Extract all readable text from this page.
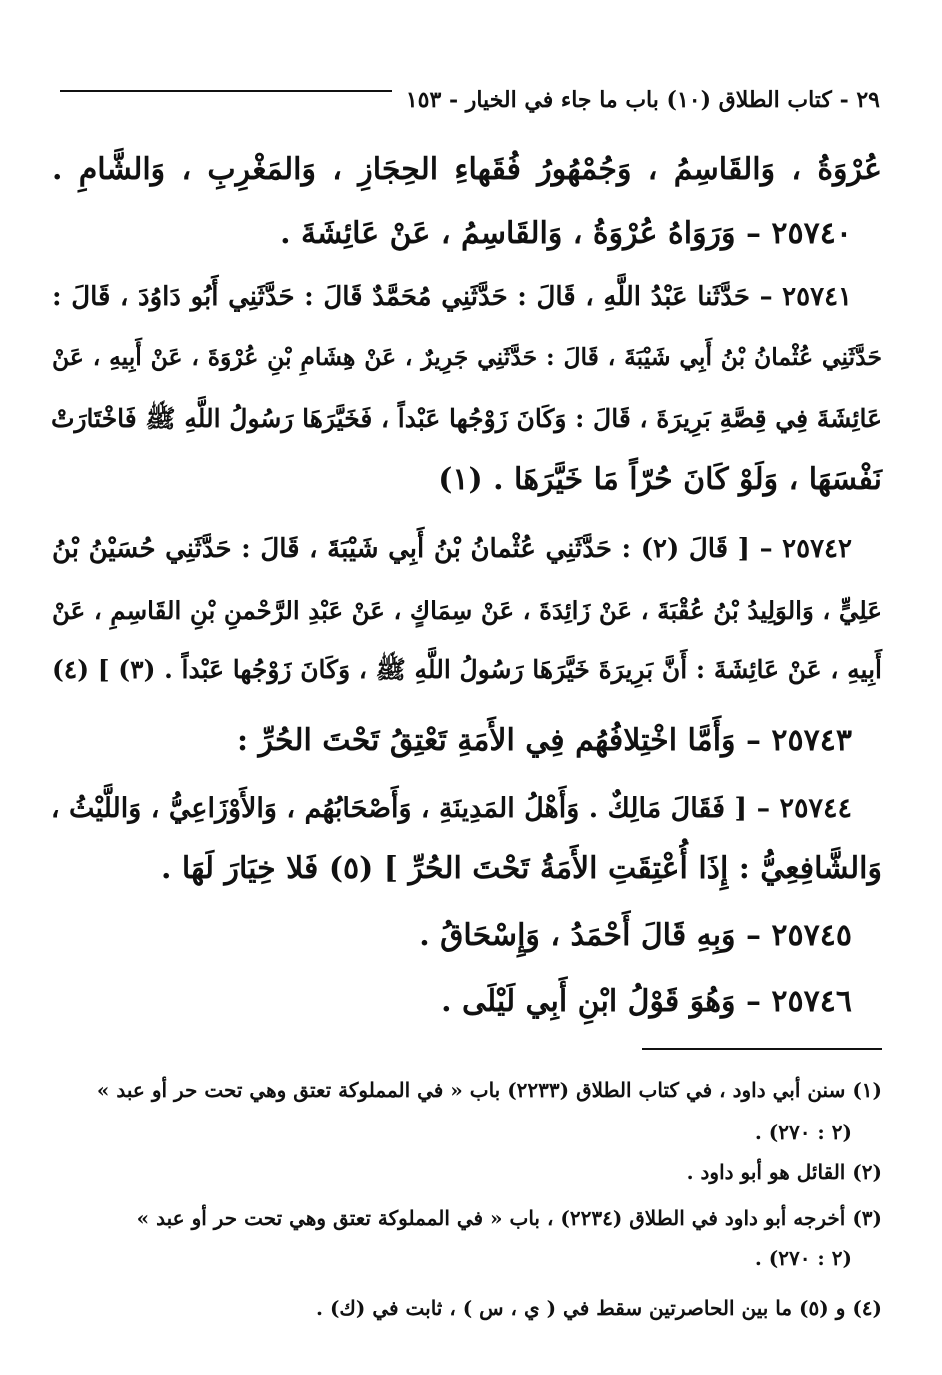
٢٩ - كتاب الطلاق (١٠) باب ما جاء في الخيار - ١٥٣
عُرْوَةُ ، وَالقَاسِمُ ، وَجُمْهُورُ فُقَهاءِ الحِجَازِ ، وَالمَغْرِبِ ، وَالشَّامِ .
٢٥٧٤٠ – وَرَوَاهُ عُرْوَةُ ، وَالقَاسِمُ ، عَنْ عَائِشَةَ .
٢٥٧٤١ – حَدَّثَنا عَبْدُ اللَّهِ ، قَالَ : حَدَّثَنِي مُحَمَّدٌ قَالَ : حَدَّثَنِي أَبُو دَاوُدَ ، قَالَ :
حَدَّثَنِي عُثْمانُ بْنُ أَبِي شَيْبَةَ ، قَالَ : حَدَّثَنِي جَرِيرٌ ، عَنْ هِشَامِ بْنِ عُرْوَةَ ، عَنْ أَبِيهِ ، عَنْ
عَائِشَةَ فِي قِصَّةِ بَرِيرَةَ ، قَالَ : وَكَانَ زَوْجُها عَبْداً ، فَخَيَّرَهَا رَسُولُ اللَّهِ ﷺ فَاخْتَارَتْ
نَفْسَهَا ، وَلَوْ كَانَ حُرّاً مَا خَيَّرَهَا . (١)
٢٥٧٤٢ – [ قَالَ (٢) : حَدَّثَنِي عُثْمانُ بْنُ أَبِي شَيْبَةَ ، قَالَ : حَدَّثَنِي حُسَيْنُ بْنُ
عَلِيٍّ ، وَالوَلِيدُ بْنُ عُقْبَةَ ، عَنْ زَائِدَةَ ، عَنْ سِمَاكٍ ، عَنْ عَبْدِ الرَّحْمنِ بْنِ القَاسِمِ ، عَنْ
أَبِيهِ ، عَنْ عَائِشَةَ : أَنَّ بَرِيرَةَ خَيَّرَهَا رَسُولُ اللَّهِ ﷺ ، وَكَانَ زَوْجُها عَبْداً . (٣) ] (٤)
٢٥٧٤٣ – وَأَمَّا اخْتِلافُهُم فِي الأَمَةِ تَعْتِقُ تَحْتَ الحُرِّ :
٢٥٧٤٤ – [ فَقَالَ مَالِكٌ . وَأَهْلُ المَدِينَةِ ، وَأَصْحَابُهُم ، وَالأَوْزَاعِيُّ ، وَاللَّيْثُ ،
وَالشَّافِعِيُّ : إِذَا أُعْتِقَتِ الأَمَةُ تَحْتَ الحُرِّ ] (٥) فَلا خِيَارَ لَهَا .
٢٥٧٤٥ – وَبِهِ قَالَ أَحْمَدُ ، وَإِسْحَاقُ .
٢٥٧٤٦ – وَهُوَ قَوْلُ ابْنِ أَبِي لَيْلَى .
(١) سنن أبي داود ، في كتاب الطلاق (٢٢٣٣) باب « في المملوكة تعتق وهي تحت حر أو عبد »
(٢ : ٢٧٠) .
(٢) القائل هو أبو داود .
(٣) أخرجه أبو داود في الطلاق (٢٢٣٤) ، باب « في المملوكة تعتق وهي تحت حر أو عبد »
(٢ : ٢٧٠) .
(٤) و (٥) ما بين الحاصرتين سقط في ( ي ، س ) ، ثابت في (ك) .
